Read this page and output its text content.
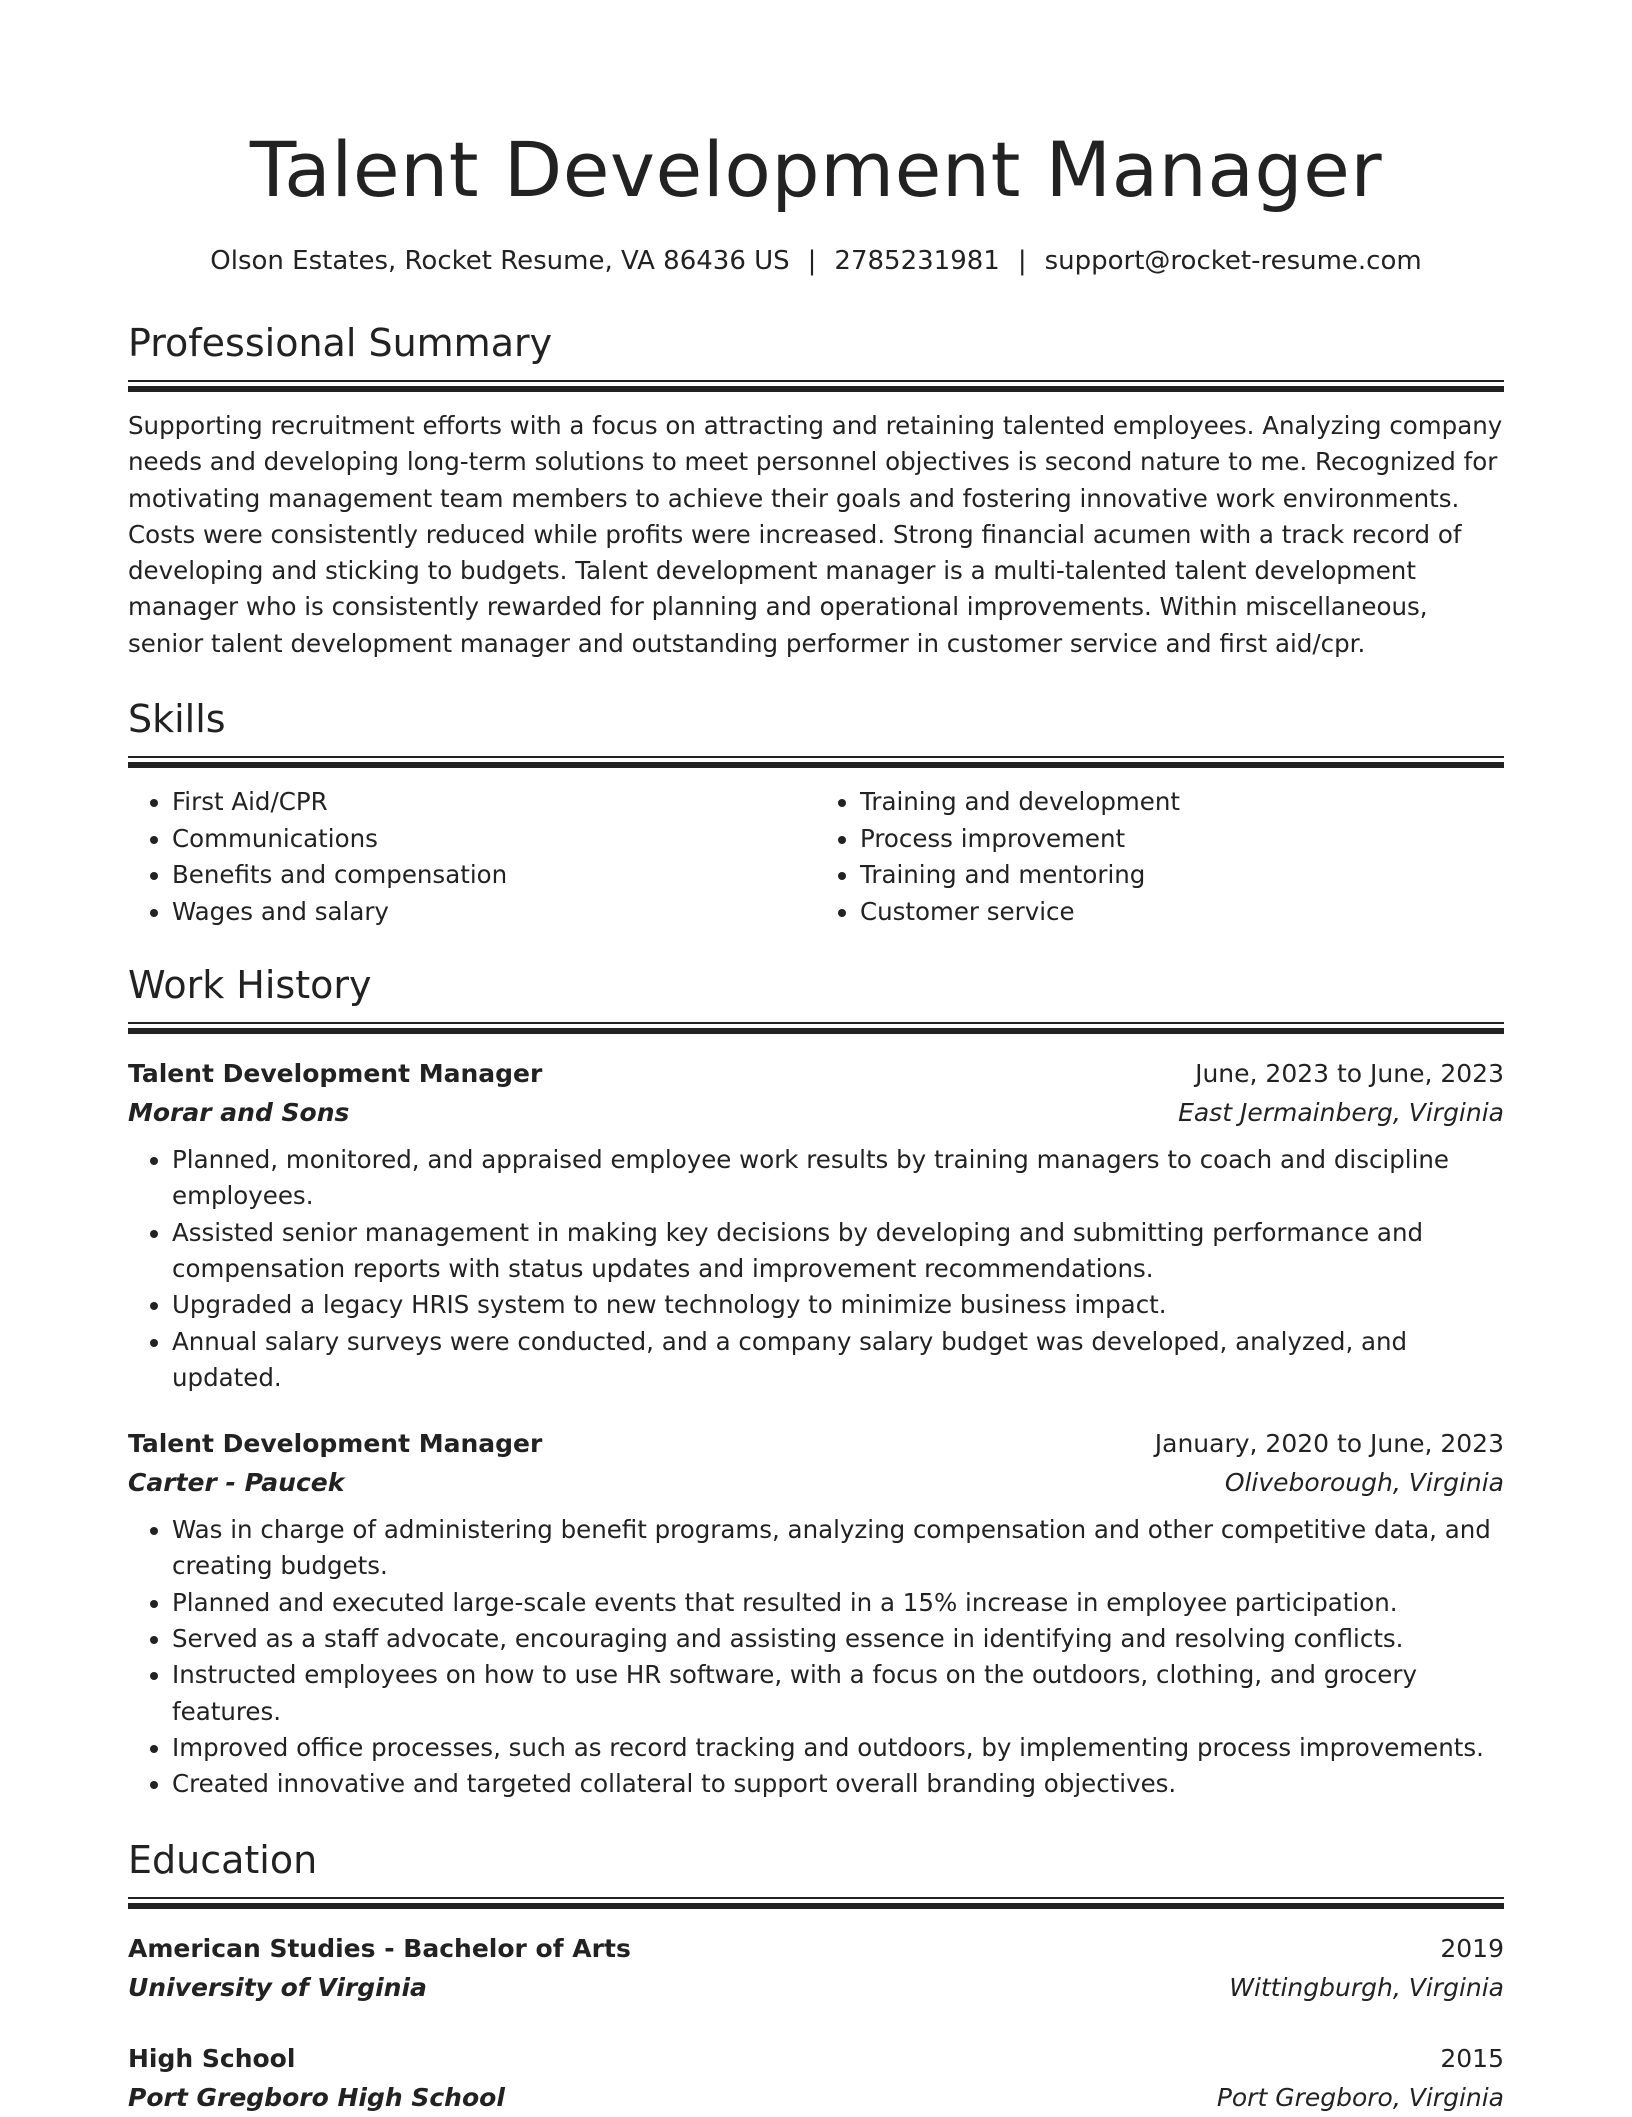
Talent Development Manager
Olson Estates, Rocket Resume, VA 86436 US | 2785231981 | support@rocket-resume.com
Professional Summary
Supporting recruitment efforts with a focus on attracting and retaining talented employees. Analyzing company needs and developing long-term solutions to meet personnel objectives is second nature to me. Recognized for motivating management team members to achieve their goals and fostering innovative work environments. Costs were consistently reduced while profits were increased. Strong financial acumen with a track record of developing and sticking to budgets. Talent development manager is a multi-talented talent development manager who is consistently rewarded for planning and operational improvements. Within miscellaneous, senior talent development manager and outstanding performer in customer service and first aid/cpr.
Skills
• First Aid/CPR
• Communications
• Benefits and compensation
• Wages and salary
• Training and development
• Process improvement
• Training and mentoring
• Customer service
Work History
Talent Development Manager	June, 2023 to June, 2023
Morar and Sons	East Jermainberg, Virginia
• Planned, monitored, and appraised employee work results by training managers to coach and discipline employees.
• Assisted senior management in making key decisions by developing and submitting performance and compensation reports with status updates and improvement recommendations.
• Upgraded a legacy HRIS system to new technology to minimize business impact.
• Annual salary surveys were conducted, and a company salary budget was developed, analyzed, and updated.
Talent Development Manager	January, 2020 to June, 2023
Carter - Paucek	Oliveborough, Virginia
• Was in charge of administering benefit programs, analyzing compensation and other competitive data, and creating budgets.
• Planned and executed large-scale events that resulted in a 15% increase in employee participation.
• Served as a staff advocate, encouraging and assisting essence in identifying and resolving conflicts.
• Instructed employees on how to use HR software, with a focus on the outdoors, clothing, and grocery features.
• Improved office processes, such as record tracking and outdoors, by implementing process improvements.
• Created innovative and targeted collateral to support overall branding objectives.
Education
American Studies - Bachelor of Arts	2019
University of Virginia	Wittingburgh, Virginia
High School	2015
Port Gregboro High School	Port Gregboro, Virginia
